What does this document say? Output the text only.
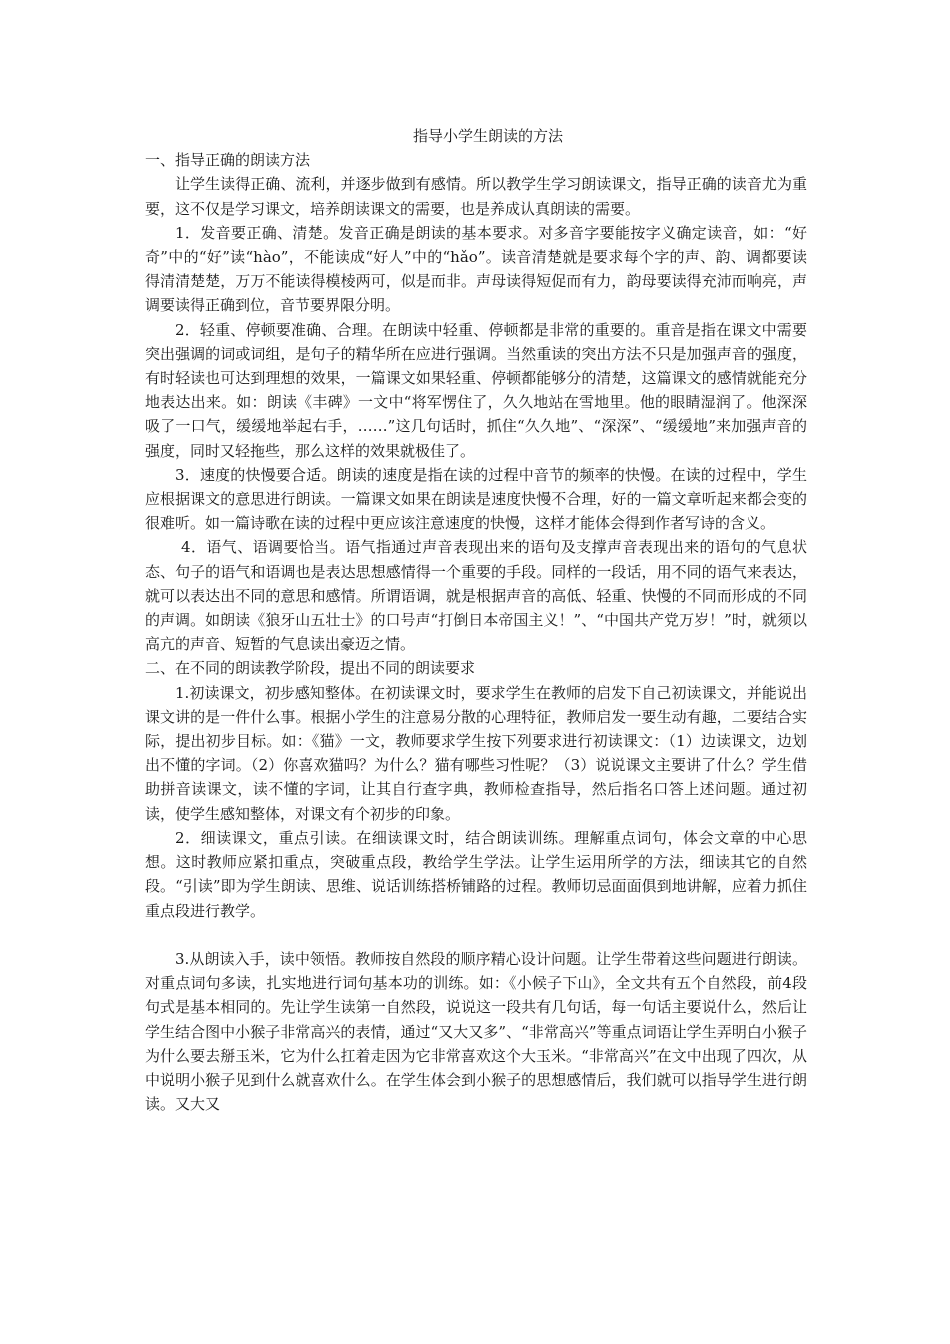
指导小学生朗读的方法
一、指导正确的朗读方法

让学生读得正确、流利，并逐步做到有感情。所以教学生学习朗读课文，指导正确的读音尤为重要，这不仅是学习课文，培养朗读课文的需要，也是养成认真朗读的需要。

1．发音要正确、清楚。发音正确是朗读的基本要求。对多音字要能按字义确定读音，如：“好奇”中的“好”读“hào”，不能读成“好人”中的“hǎo”。读音清楚就是要求每个字的声、韵、调都要读得清清楚楚，万万不能读得模棱两可，似是而非。声母读得短促而有力，韵母要读得充沛而响亮，声调要读得正确到位，音节要界限分明。

2．轻重、停顿要准确、合理。在朗读中轻重、停顿都是非常的重要的。重音是指在课文中需要突出强调的词或词组，是句子的精华所在应进行强调。当然重读的突出方法不只是加强声音的强度，有时轻读也可达到理想的效果，一篇课文如果轻重、停顿都能够分的清楚，这篇课文的感情就能充分地表达出来。如：朗读《丰碑》一文中“将军愣住了，久久地站在雪地里。他的眼睛湿润了。他深深吸了一口气，缓缓地举起右手，……”这几句话时，抓住“久久地”、“深深”、“缓缓地”来加强声音的强度，同时又轻拖些，那么这样的效果就极佳了。

3．速度的快慢要合适。朗读的速度是指在读的过程中音节的频率的快慢。在读的过程中，学生应根据课文的意思进行朗读。一篇课文如果在朗读是速度快慢不合理，好的一篇文章听起来都会变的很难听。如一篇诗歌在读的过程中更应该注意速度的快慢，这样才能体会得到作者写诗的含义。

4．语气、语调要恰当。语气指通过声音表现出来的语句及支撑声音表现出来的语句的气息状态、句子的语气和语调也是表达思想感情得一个重要的手段。同样的一段话，用不同的语气来表达，就可以表达出不同的意思和感情。所谓语调，就是根据声音的高低、轻重、快慢的不同而形成的不同的声调。如朗读《狼牙山五壮士》的口号声“打倒日本帝国主义！”、“中国共产党万岁！”时，就须以高亢的声音、短暂的气息读出豪迈之情。

二、在不同的朗读教学阶段，提出不同的朗读要求

1.初读课文，初步感知整体。在初读课文时，要求学生在教师的启发下自己初读课文，并能说出课文讲的是一件什么事。根据小学生的注意易分散的心理特征，教师启发一要生动有趣，二要结合实际，提出初步目标。如：《猫》一文，教师要求学生按下列要求进行初读课文：（1）边读课文，边划出不懂的字词。（2）你喜欢猫吗？为什么？猫有哪些习性呢？（3）说说课文主要讲了什么？学生借助拼音读课文，读不懂的字词，让其自行查字典，教师检查指导，然后指名口答上述问题。通过初读，使学生感知整体，对课文有个初步的印象。

2．细读课文，重点引读。在细读课文时，结合朗读训练。理解重点词句，体会文章的中心思想。这时教师应紧扣重点，突破重点段，教给学生学法。让学生运用所学的方法，细读其它的自然段。“引读”即为学生朗读、思维、说话训练搭桥铺路的过程。教师切忌面面俱到地讲解，应着力抓住重点段进行教学。

3.从朗读入手，读中领悟。教师按自然段的顺序精心设计问题。让学生带着这些问题进行朗读。对重点词句多读，扎实地进行词句基本功的训练。如：《小候子下山》，全文共有五个自然段，前4段句式是基本相同的。先让学生读第一自然段，说说这一段共有几句话，每一句话主要说什么，然后让学生结合图中小猴子非常高兴的表情，通过“又大又多”、“非常高兴”等重点词语让学生弄明白小猴子为什么要去掰玉米，它为什么扛着走因为它非常喜欢这个大玉米。“非常高兴”在文中出现了四次，从中说明小猴子见到什么就喜欢什么。在学生体会到小猴子的思想感情后，我们就可以指导学生进行朗读。又大又
